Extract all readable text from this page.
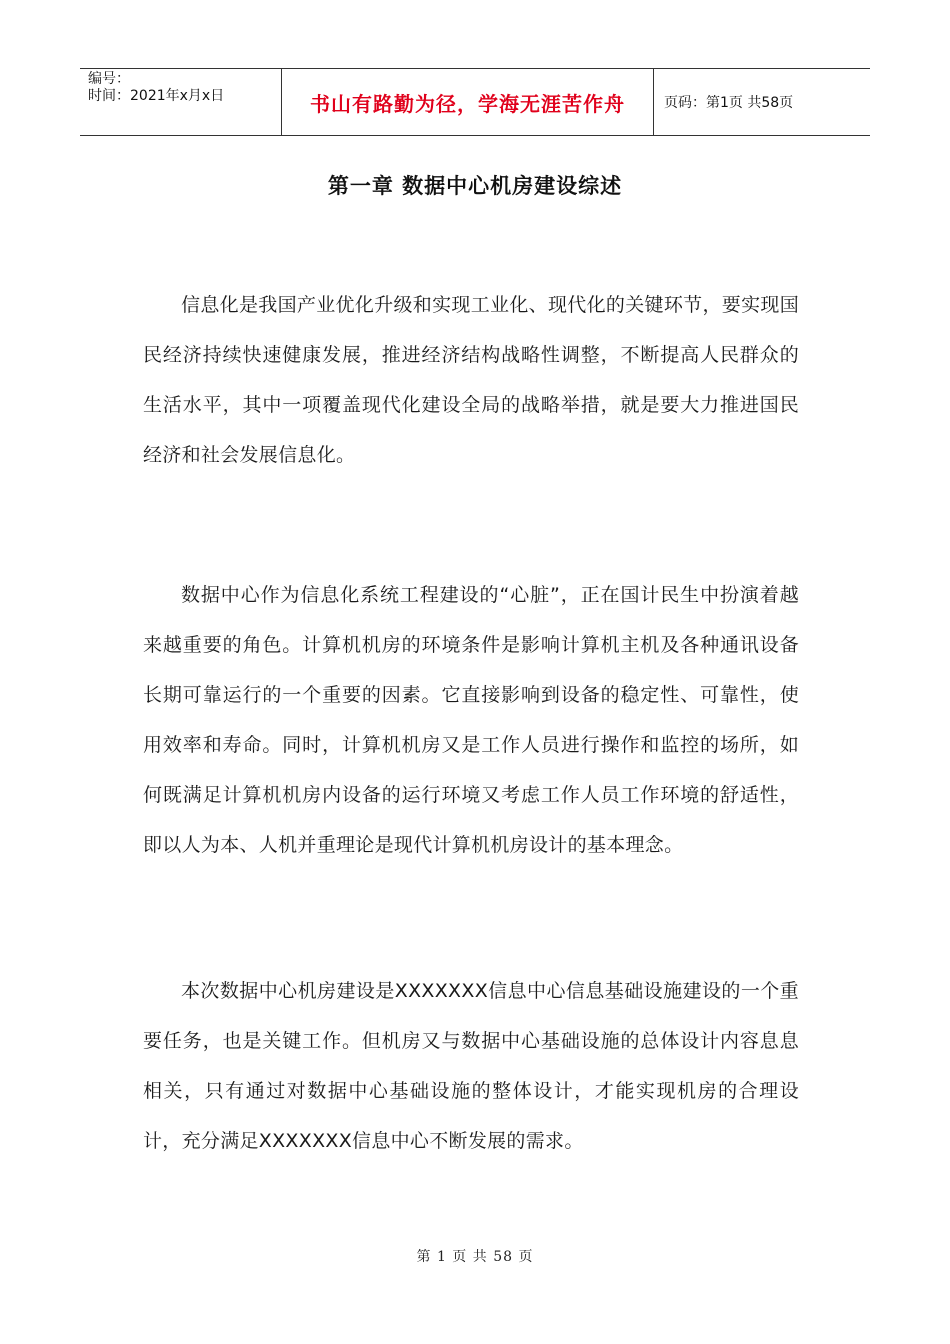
编号：
时间：2021年x月x日	书山有路勤为径，学海无涯苦作舟	页码：第1页 共58页
第一章 数据中心机房建设综述

信息化是我国产业优化升级和实现工业化、现代化的关键环节，要实现国民经济持续快速健康发展，推进经济结构战略性调整，不断提高人民群众的生活水平，其中一项覆盖现代化建设全局的战略举措，就是要大力推进国民经济和社会发展信息化。

数据中心作为信息化系统工程建设的“心脏”，正在国计民生中扮演着越来越重要的角色。计算机机房的环境条件是影响计算机主机及各种通讯设备长期可靠运行的一个重要的因素。它直接影响到设备的稳定性、可靠性，使用效率和寿命。同时，计算机机房又是工作人员进行操作和监控的场所，如何既满足计算机机房内设备的运行环境又考虑工作人员工作环境的舒适性，即以人为本、人机并重理论是现代计算机机房设计的基本理念。

本次数据中心机房建设是XXXXXXX信息中心信息基础设施建设的一个重要任务，也是关键工作。但机房又与数据中心基础设施的总体设计内容息息相关，只有通过对数据中心基础设施的整体设计，才能实现机房的合理设计，充分满足XXXXXXX信息中心不断发展的需求。

第 1 页 共 58 页
